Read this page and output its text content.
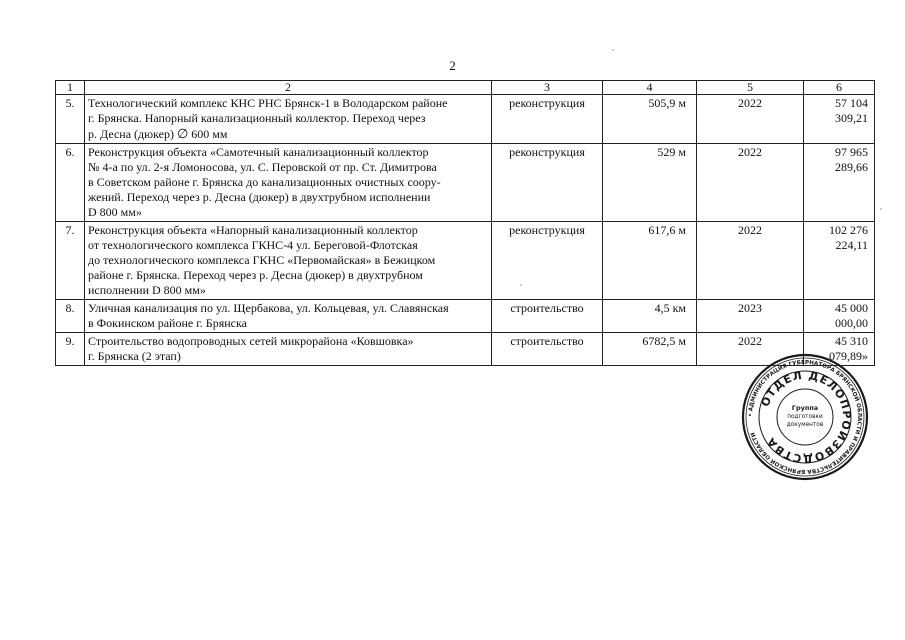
2
1	2	3	4	5	6
5.	Технологический комплекс КНС РНС Брянск-1 в Володарском районе
г. Брянска. Напорный канализационный коллектор. Переход через
р. Десна (дюкер) ∅ 600 мм	реконструкция	505,9 м	2022	57 104 309,21
6.	Реконструкция объекта «Самотечный канализационный коллектор
№ 4-а по ул. 2-я Ломоносова, ул. С. Перовской от пр. Ст. Димитрова
в Советском районе г. Брянска до канализационных очистных соору-
жений. Переход через р. Десна (дюкер) в двухтрубном исполнении
D 800 мм»	реконструкция	529 м	2022	97 965 289,66
7.	Реконструкция объекта «Напорный канализационный коллектор
от технологического комплекса ГКНС-4 ул. Береговой-Флотская
до технологического комплекса ГКНС «Первомайская» в Бежицком
районе г. Брянска. Переход через р. Десна (дюкер) в двухтрубном
исполнении D 800 мм»	реконструкция	617,6 м	2022	102 276 224,11
8.	Уличная канализация по ул. Щербакова, ул. Кольцевая, ул. Славянская
в Фокинском районе г. Брянска	строительство	4,5 км	2023	45 000 000,00
9.	Строительство водопроводных сетей микрорайона «Ковшовка»
г. Брянска (2 этап)	строительство	6782,5 м	2022	45 310 079,89»
• АДМИНИСТРАЦИЯ ГУБЕРНАТОРА БРЯНСКОЙ ОБЛАСТИ И ПРАВИТЕЛЬСТВА БРЯНСКОЙ ОБЛАСТИ
ОТДЕЛ ДЕЛОПРОИЗВОДСТВА
Группа
подготовки
документов
